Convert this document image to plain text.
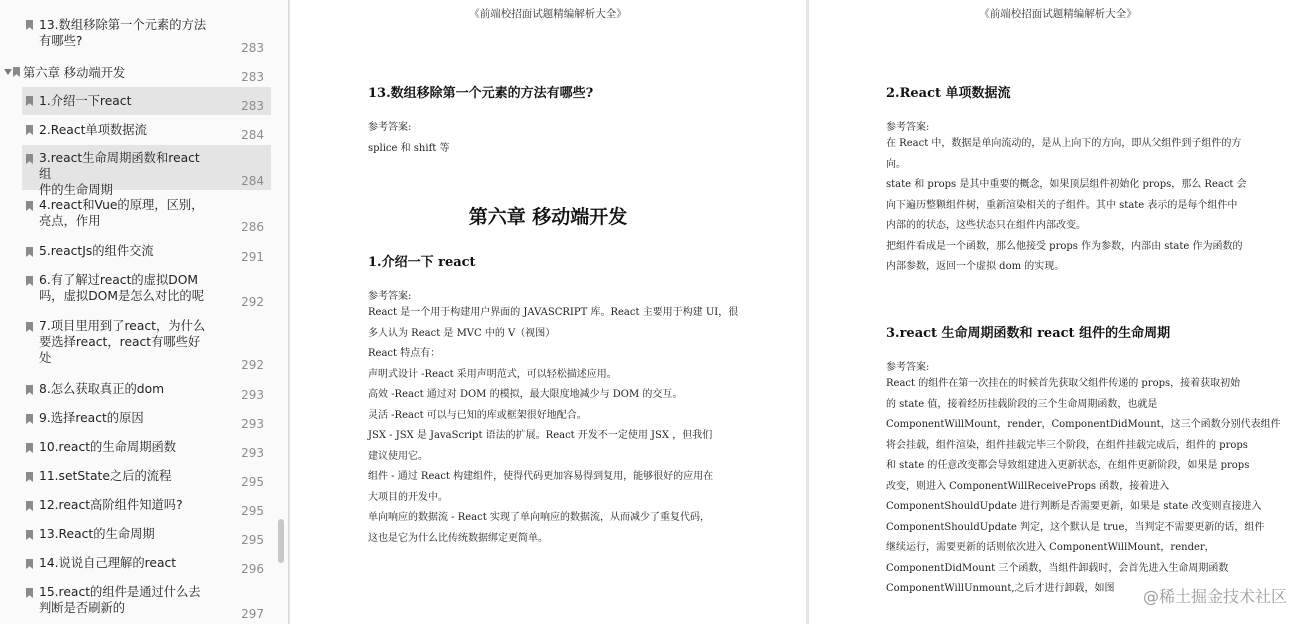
13.数组移除第一个元素的方法
有哪些?	283
第六章 移动端开发	283
1.介绍一下react	283
2.React单项数据流	284
3.react生命周期函数和react组
件的生命周期
284
4.react和Vue的原理，区别，
亮点，作用	286
5.reactJs的组件交流	291
6.有了解过react的虚拟DOM
吗，虚拟DOM是怎么对比的呢	292
7.项目里用到了react，为什么
要选择react，react有哪些好
处	292
8.怎么获取真正的dom	293
9.选择react的原因	293
10.react的生命周期函数	293
11.setState之后的流程	295
12.react高阶组件知道吗?	295
13.React的生命周期	295
14.说说自己理解的react	296
15.react的组件是通过什么去
判断是否刷新的	297
《前端校招面试题精编解析大全》
13.数组移除第一个元素的方法有哪些?
参考答案:
splice 和 shift 等
第六章 移动端开发
1.介绍一下 react
参考答案:
React 是一个用于构建用户界面的 JAVASCRIPT 库。React 主要用于构建 UI，很
多人认为 React 是 MVC 中的 V（视图）
React 特点有：
声明式设计 -React 采用声明范式，可以轻松描述应用。
高效 -React 通过对 DOM 的模拟，最大限度地减少与 DOM 的交互。
灵活 -React 可以与已知的库或框架很好地配合。
JSX - JSX 是 JavaScript 语法的扩展。React 开发不一定使用 JSX ，但我们
建议使用它。
组件 - 通过 React 构建组件，使得代码更加容易得到复用，能够很好的应用在
大项目的开发中。
单向响应的数据流 - React 实现了单向响应的数据流，从而减少了重复代码，
这也是它为什么比传统数据绑定更简单。
《前端校招面试题精编解析大全》
2.React 单项数据流
参考答案:
在 React 中，数据是单向流动的，是从上向下的方向，即从父组件到子组件的方
向。
state 和 props 是其中重要的概念，如果顶层组件初始化 props，那么 React 会
向下遍历整颗组件树，重新渲染相关的子组件。其中 state 表示的是每个组件中
内部的的状态，这些状态只在组件内部改变。
把组件看成是一个函数，那么他接受 props 作为参数，内部由 state 作为函数的
内部参数，返回一个虚拟 dom 的实现。
3.react 生命周期函数和 react 组件的生命周期
参考答案:
React 的组件在第一次挂在的时候首先获取父组件传递的 props，接着获取初始
的 state 值，接着经历挂载阶段的三个生命周期函数，也就是
ComponentWillMount，render，ComponentDidMount，这三个函数分别代表组件
将会挂载，组件渲染，组件挂载完毕三个阶段，在组件挂载完成后，组件的 props
和 state 的任意改变都会导致组建进入更新状态，在组件更新阶段，如果是 props
改变，则进入 ComponentWillReceiveProps 函数，接着进入
ComponentShouldUpdate 进行判断是否需要更新，如果是 state 改变则直接进入
ComponentShouldUpdate 判定，这个默认是 true，当判定不需要更新的话，组件
继续运行，需要更新的话则依次进入 ComponentWillMount，render，
ComponentDidMount 三个函数，当组件卸载时，会首先进入生命周期函数
ComponentWillUnmount,之后才进行卸载，如图	@稀土掘金技术社区
